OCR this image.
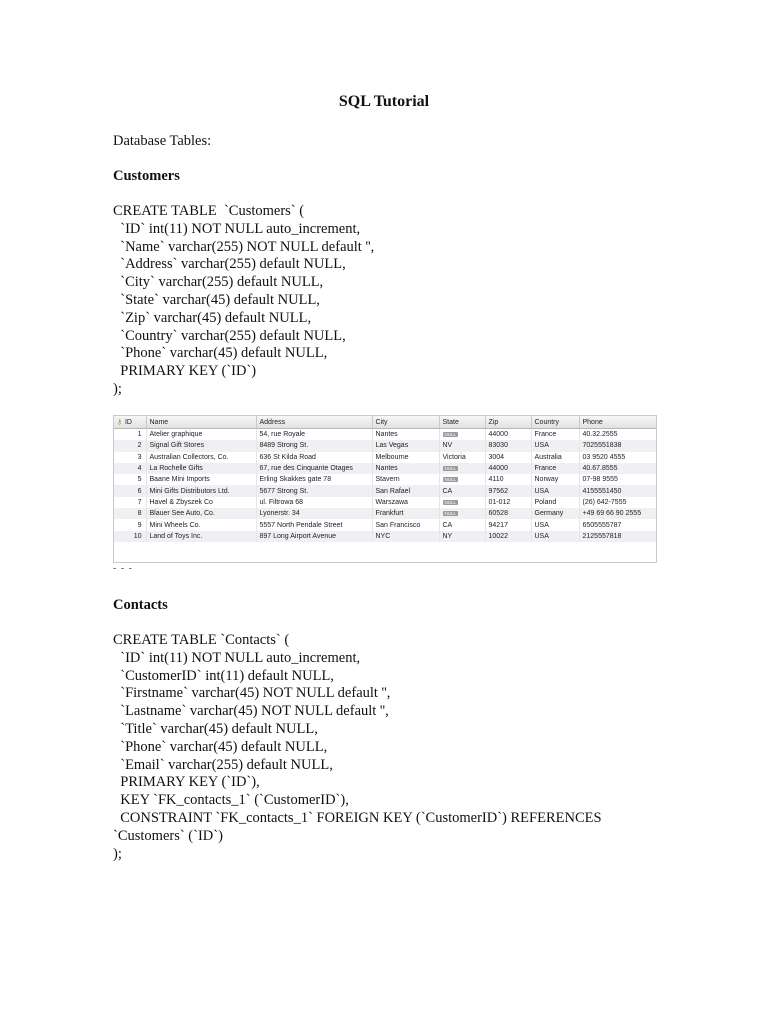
SQL Tutorial
Database Tables:
Customers
CREATE TABLE  `Customers` (
`ID` int(11) NOT NULL auto_increment,
`Name` varchar(255) NOT NULL default '',
`Address` varchar(255) default NULL,
`City` varchar(255) default NULL,
`State` varchar(45) default NULL,
`Zip` varchar(45) default NULL,
`Country` varchar(255) default NULL,
`Phone` varchar(45) default NULL,
PRIMARY KEY (`ID`)
);
⚷ ID	Name	Address	City	State	Zip	Country	Phone
1	Atelier graphique	54, rue Royale	Nantes	NULL	44000	France	40.32.2555
2	Signal Gift Stores	8489 Strong St.	Las Vegas	NV	83030	USA	7025551838
3	Australian Collectors, Co.	636 St Kilda Road	Melbourne	Victoria	3004	Australia	03 9520 4555
4	La Rochelle Gifts	67, rue des Cinquante Otages	Nantes	NULL	44000	France	40.67.8555
5	Baane Mini Imports	Erling Skakkes gate 78	Stavern	NULL	4110	Norway	07-98 9555
6	Mini Gifts Distributors Ltd.	5677 Strong St.	San Rafael	CA	97562	USA	4155551450
7	Havel & Zbyszek Co	ul. Filtrowa 68	Warszawa	NULL	01-012	Poland	(26) 642-7555
8	Blauer See Auto, Co.	Lyonerstr. 34	Frankfurt	NULL	60528	Germany	+49 69 66 90 2555
9	Mini Wheels Co.	5557 North Pendale Street	San Francisco	CA	94217	USA	6505555787
10	Land of Toys Inc.	897 Long Airport Avenue	NYC	NY	10022	USA	2125557818
- - -
Contacts
CREATE TABLE `Contacts` (
`ID` int(11) NOT NULL auto_increment,
`CustomerID` int(11) default NULL,
`Firstname` varchar(45) NOT NULL default '',
`Lastname` varchar(45) NOT NULL default '',
`Title` varchar(45) default NULL,
`Phone` varchar(45) default NULL,
`Email` varchar(255) default NULL,
PRIMARY KEY (`ID`),
KEY `FK_contacts_1` (`CustomerID`),
CONSTRAINT `FK_contacts_1` FOREIGN KEY (`CustomerID`) REFERENCES
`Customers` (`ID`)
);
